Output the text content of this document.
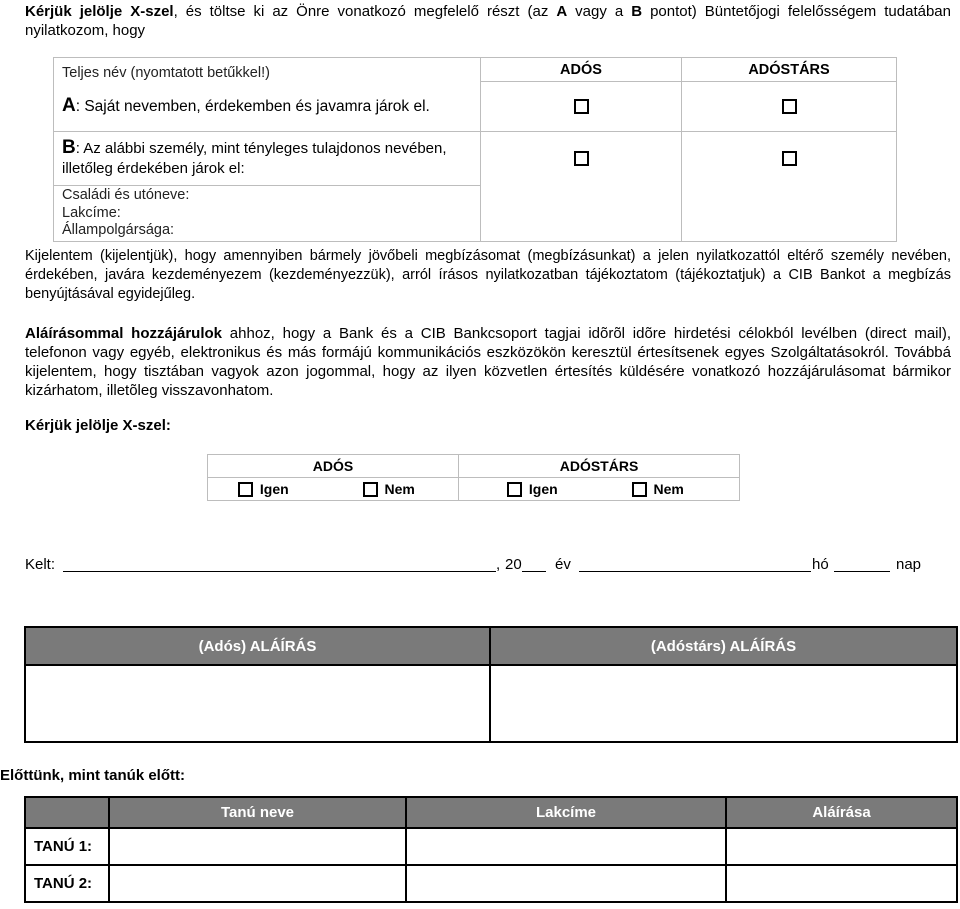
Kérjük jelölje X-szel, és töltse ki az Önre vonatkozó megfelelő részt (az A vagy a B pontot) Büntetőjogi felelősségem tudatában nyilatkozom, hogy
Teljes név (nyomtatott betűkkel!)	ADÓS	ADÓSTÁRS
A: Saját nevemben, érdekemben és javamra járok el.		
B: Az alábbi személy, mint tényleges tulajdonos nevében, illetőleg érdekében járok el:		

Családi és utóneve:
Lakcíme:
Állampolgársága:		

Kijelentem (kijelentjük), hogy amennyiben bármely jövőbeli megbízásomat (megbízásunkat) a jelen nyilatkozattól eltérő személy nevében, érdekében, javára kezdeményezem (kezdeményezzük), arról írásos nyilatkozatban tájékoztatom (tájékoztatjuk) a CIB Bankot a megbízás benyújtásával egyidejűleg.
Aláírásommal hozzájárulok ahhoz, hogy a Bank és a CIB Bankcsoport tagjai idõrõl idõre hirdetési célokból levélben (direct mail), telefonon vagy egyéb, elektronikus és más formájú kommunikációs eszközökön keresztül értesítsenek egyes Szolgáltatásokról. Továbbá kijelentem, hogy tisztában vagyok azon jogommal, hogy az ilyen közvetlen értesítés küldésére vonatkozó hozzájárulásomat bármikor kizárhatom, illetõleg visszavonhatom.
Kérjük jelölje X-szel:
ADÓS	ADÓSTÁRS
Igen Nem	Igen Nem
Kelt:	, 20 év	hó	nap
(Adós) ALÁÍRÁS	(Adóstárs) ALÁÍRÁS

Előttünk, mint tanúk előtt:
	Tanú neve	Lakcíme	Aláírása
TANÚ 1:			
TANÚ 2:			
